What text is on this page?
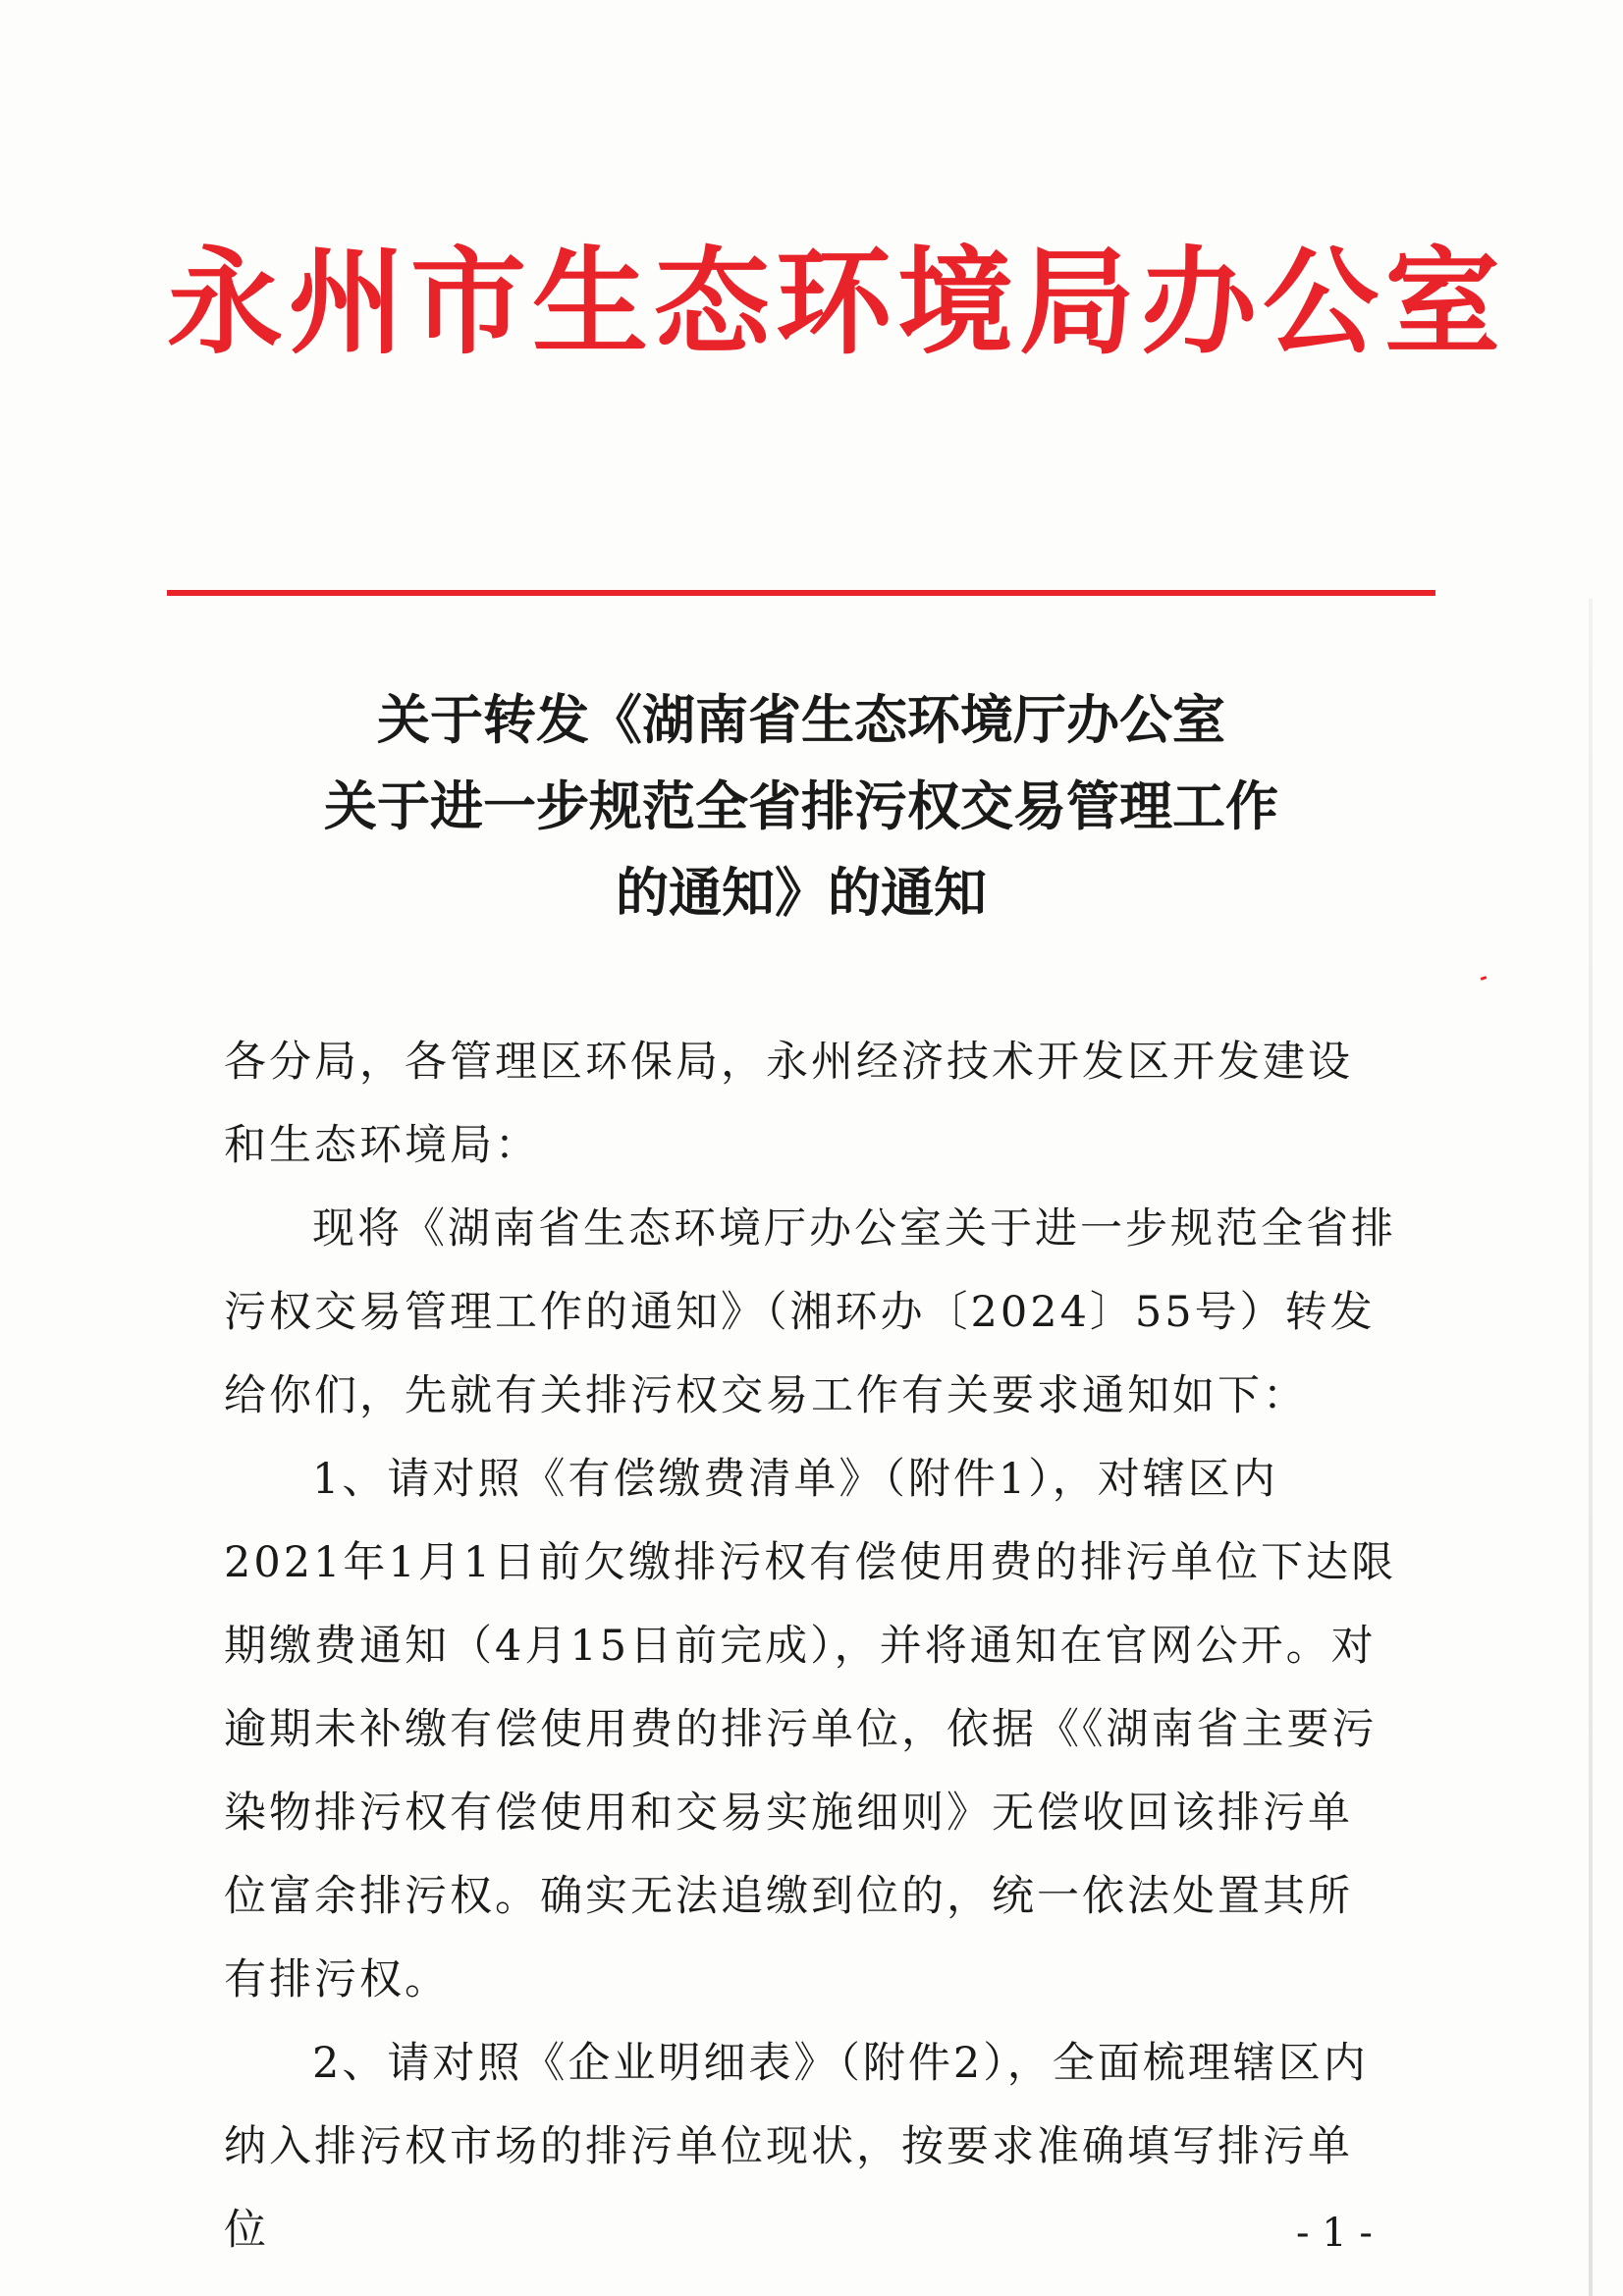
永州市生态环境局办公室
关于转发《湖南省生态环境厅办公室
关于进一步规范全省排污权交易管理工作
的通知》的通知

各分局，各管理区环保局，永州经济技术开发区开发建设和生态环境局：

现将《湖南省生态环境厅办公室关于进一步规范全省排污权交易管理工作的通知》（湘环办〔2024〕55号）转发给你们，先就有关排污权交易工作有关要求通知如下：

1、请对照《有偿缴费清单》（附件1），对辖区内2021年1月1日前欠缴排污权有偿使用费的排污单位下达限期缴费通知（4月15日前完成），并将通知在官网公开。对逾期未补缴有偿使用费的排污单位，依据《《湖南省主要污染物排污权有偿使用和交易实施细则》无偿收回该排污单位富余排污权。确实无法追缴到位的，统一依法处置其所有排污权。

2、请对照《企业明细表》（附件2），全面梳理辖区内纳入排污权市场的排污单位现状，按要求准确填写排污单位	- 1 -
